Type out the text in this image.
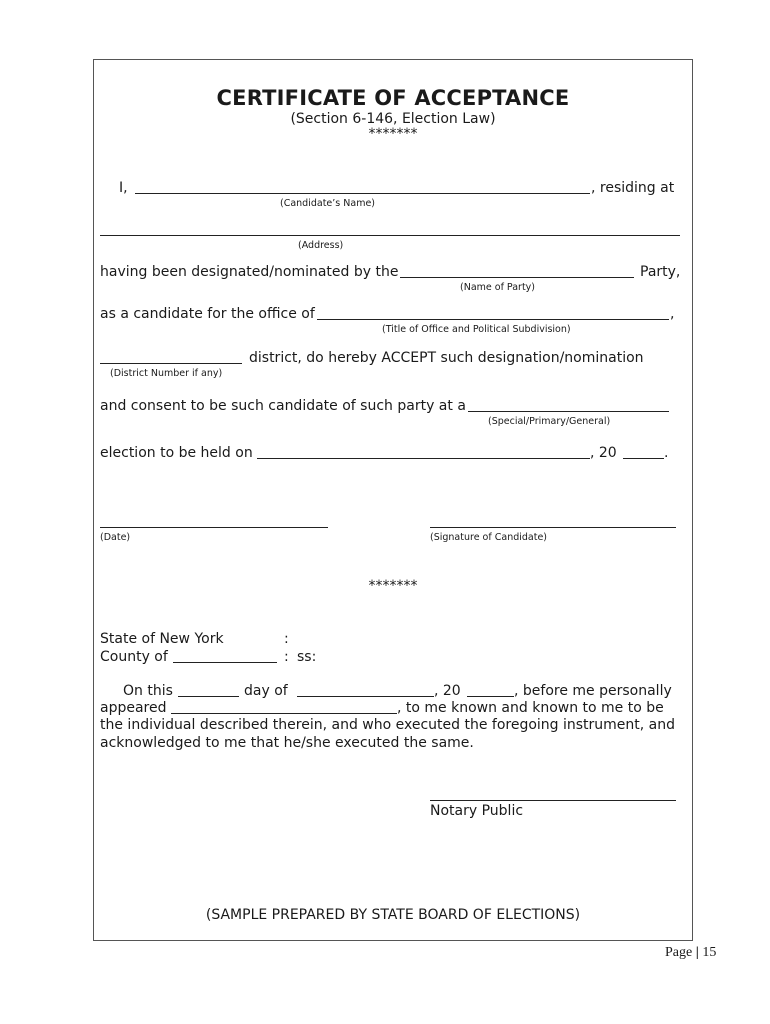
CERTIFICATE OF ACCEPTANCE
(Section 6-146, Election Law)
*******
I,	, residing at
(Candidate’s Name)
(Address)
having been designated/nominated by the	Party,
(Name of Party)
as a candidate for the office of	,
(Title of Office and Political Subdivision)
district, do hereby ACCEPT such designation/nomination
(District Number if any)
and consent to be such candidate of such party at a
(Special/Primary/General)
election to be held on	, 20	.
(Date)	(Signature of Candidate)
*******
State of New York	:
County of	: ss:
On this	day of	, 20	, before me personally
appeared	, to me known and known to me to be
the individual described therein, and who executed the foregoing instrument, and
acknowledged to me that he/she executed the same.
Notary Public
(SAMPLE PREPARED BY STATE BOARD OF ELECTIONS)
Page | 15
